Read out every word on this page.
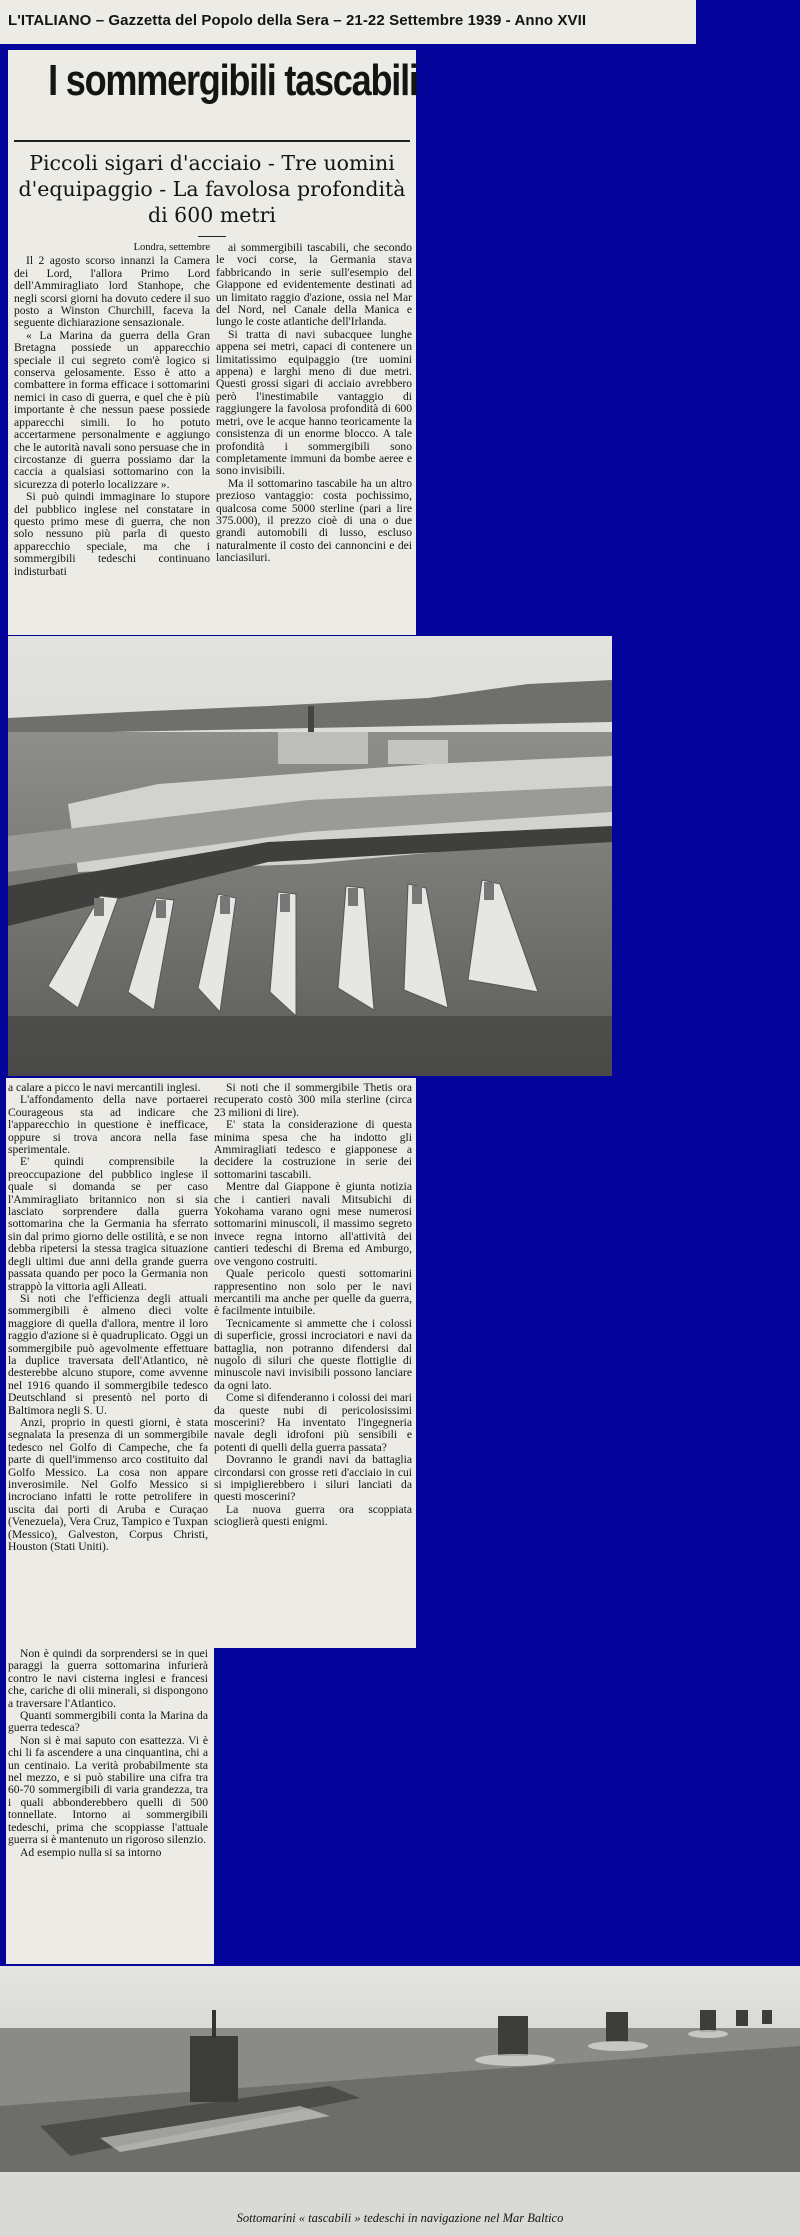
L'ITALIANO – Gazzetta del Popolo della Sera – 21-22 Settembre 1939 - Anno XVII
I sommergibili tascabili
Piccoli sigari d'acciaio - Tre uomini d'equipaggio - La favolosa profondità di 600 metri

Londra, settembre

Il 2 agosto scorso innanzi la Camera dei Lord, l'allora Primo Lord dell'Ammiragliato lord Stanhope, che negli scorsi giorni ha dovuto cedere il suo posto a Winston Churchill, faceva la seguente dichiarazione sensazionale.

« La Marina da guerra della Gran Bretagna possiede un apparecchio speciale il cui segreto com'è logico si conserva gelosamente. Esso è atto a combattere in forma efficace i sottomarini nemici in caso di guerra, e quel che è più importante è che nessun paese possiede apparecchi simili. Io ho potuto accertarmene personalmente e aggiungo che le autorità navali sono persuase che in circostanze di guerra possiamo dar la caccia a qualsiasi sottomarino con la sicurezza di poterlo localizzare ».

Si può quindi immaginare lo stupore del pubblico inglese nel constatare in questo primo mese di guerra, che non solo nessuno più parla di questo apparecchio speciale, ma che i sommergibili tedeschi continuano indisturbati

ai sommergibili tascabili, che secondo le voci corse, la Germania stava fabbricando in serie sull'esempio del Giappone ed evidentemente destinati ad un limitato raggio d'azione, ossia nel Mar del Nord, nel Canale della Manica e lungo le coste atlantiche dell'Irlanda.

Si tratta di navi subacquee lunghe appena sei metri, capaci di contenere un limitatissimo equipaggio (tre uomini appena) e larghi meno di due metri. Questi grossi sigari di acciaio avrebbero però l'inestimabile vantaggio di raggiungere la favolosa profondità di 600 metri, ove le acque hanno teoricamente la consistenza di un enorme blocco. A tale profondità i sommergibili sono completamente immuni da bombe aeree e sono invisibili.

Ma il sottomarino tascabile ha un altro prezioso vantaggio: costa pochissimo, qualcosa come 5000 sterline (pari a lire 375.000), il prezzo cioè di una o due grandi automobili di lusso, escluso naturalmente il costo dei cannoncini e dei lanciasiluri.

a calare a picco le navi mercantili inglesi.

L'affondamento della nave portaerei Courageous sta ad indicare che l'apparecchio in questione è inefficace, oppure si trova ancora nella fase sperimentale.

E' quindi comprensibile la preoccupazione del pubblico inglese il quale si domanda se per caso l'Ammiragliato britannico non si sia lasciato sorprendere dalla guerra sottomarina che la Germania ha sferrato sin dal primo giorno delle ostilità, e se non debba ripetersi la stessa tragica situazione degli ultimi due anni della grande guerra passata quando per poco la Germania non strappò la vittoria agli Alleati.

Si noti che l'efficienza degli attuali sommergibili è almeno dieci volte maggiore di quella d'allora, mentre il loro raggio d'azione si è quadruplicato. Oggi un sommergibile può agevolmente effettuare la duplice traversata dell'Atlantico, nè desterebbe alcuno stupore, come avvenne nel 1916 quando il sommergibile tedesco Deutschland si presentò nel porto di Baltimora negli S. U.

Anzi, proprio in questi giorni, è stata segnalata la presenza di un sommergibile tedesco nel Golfo di Campeche, che fa parte di quell'immenso arco costituito dal Golfo Messico. La cosa non appare inverosimile. Nel Golfo Messico si incrociano infatti le rotte petrolifere in uscita dai porti di Aruba e Curaçao (Venezuela), Vera Cruz, Tampico e Tuxpan (Messico), Galveston, Corpus Christi, Houston (Stati Uniti).

Si noti che il sommergibile Thetis ora recuperato costò 300 mila sterline (circa 23 milioni di lire).

E' stata la considerazione di questa minima spesa che ha indotto gli Ammiragliati tedesco e giapponese a decidere la costruzione in serie dei sottomarini tascabili.

Mentre dal Giappone è giunta notizia che i cantieri navali Mitsubichi di Yokohama varano ogni mese numerosi sottomarini minuscoli, il massimo segreto invece regna intorno all'attività dei cantieri tedeschi di Brema ed Amburgo, ove vengono costruiti.

Quale pericolo questi sottomarini rappresentino non solo per le navi mercantili ma anche per quelle da guerra, è facilmente intuibile.

Tecnicamente si ammette che i colossi di superficie, grossi incrociatori e navi da battaglia, non potranno difendersi dal nugolo di siluri che queste flottiglie di minuscole navi invisibili possono lanciare da ogni lato.

Come si difenderanno i colossi dei mari da queste nubi di pericolosissimi moscerini? Ha inventato l'ingegneria navale degli idrofoni più sensibili e potenti di quelli della guerra passata?

Dovranno le grandi navi da battaglia circondarsi con grosse reti d'acciaio in cui si impiglierebbero i siluri lanciati da questi moscerini?

La nuova guerra ora scoppiata scioglierà questi enigmi.

Non è quindi da sorprendersi se in quei paraggi la guerra sottomarina infurierà contro le navi cisterna inglesi e francesi che, cariche di olii minerali, si dispongono a traversare l'Atlantico.

Quanti sommergibili conta la Marina da guerra tedesca?

Non si è mai saputo con esattezza. Vi è chi li fa ascendere a una cinquantina, chi a un centinaio. La verità probabilmente sta nel mezzo, e si può stabilire una cifra tra 60-70 sommergibili di varia grandezza, tra i quali abbonderebbero quelli di 500 tonnellate. Intorno ai sommergibili tedeschi, prima che scoppiasse l'attuale guerra si è mantenuto un rigoroso silenzio.

Ad esempio nulla si sa intorno

Sottomarini « tascabili » tedeschi in navigazione nel Mar Baltico
